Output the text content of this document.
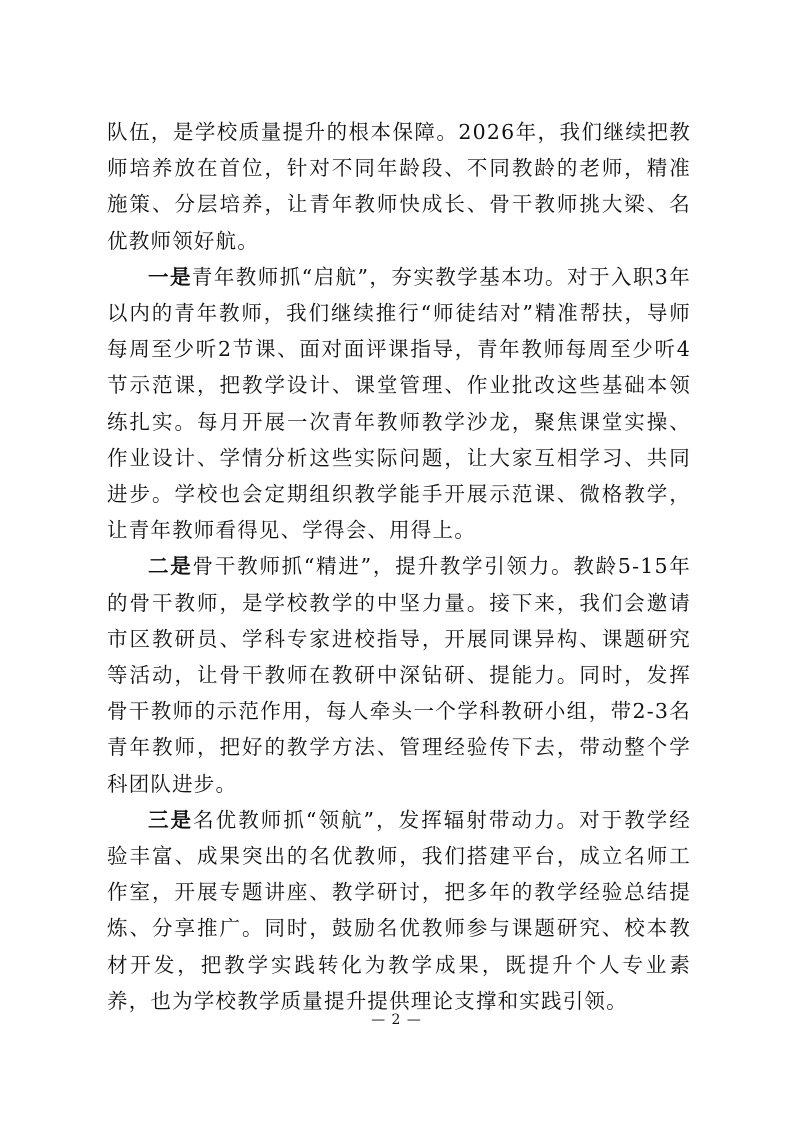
队伍，是学校质量提升的根本保障。2026年，我们继续把教师培养放在首位，针对不同年龄段、不同教龄的老师，精准施策、分层培养，让青年教师快成长、骨干教师挑大梁、名优教师领好航。

一是青年教师抓“启航”，夯实教学基本功。对于入职3年以内的青年教师，我们继续推行“师徒结对”精准帮扶，导师每周至少听2节课、面对面评课指导，青年教师每周至少听4节示范课，把教学设计、课堂管理、作业批改这些基础本领练扎实。每月开展一次青年教师教学沙龙，聚焦课堂实操、作业设计、学情分析这些实际问题，让大家互相学习、共同进步。学校也会定期组织教学能手开展示范课、微格教学，让青年教师看得见、学得会、用得上。

二是骨干教师抓“精进”，提升教学引领力。教龄5-15年的骨干教师，是学校教学的中坚力量。接下来，我们会邀请市区教研员、学科专家进校指导，开展同课异构、课题研究等活动，让骨干教师在教研中深钻研、提能力。同时，发挥骨干教师的示范作用，每人牵头一个学科教研小组，带2-3名青年教师，把好的教学方法、管理经验传下去，带动整个学科团队进步。

三是名优教师抓“领航”，发挥辐射带动力。对于教学经验丰富、成果突出的名优教师，我们搭建平台，成立名师工作室，开展专题讲座、教学研讨，把多年的教学经验总结提炼、分享推广。同时，鼓励名优教师参与课题研究、校本教材开发，把教学实践转化为教学成果，既提升个人专业素养，也为学校教学质量提升提供理论支撑和实践引领。

— 2 —
